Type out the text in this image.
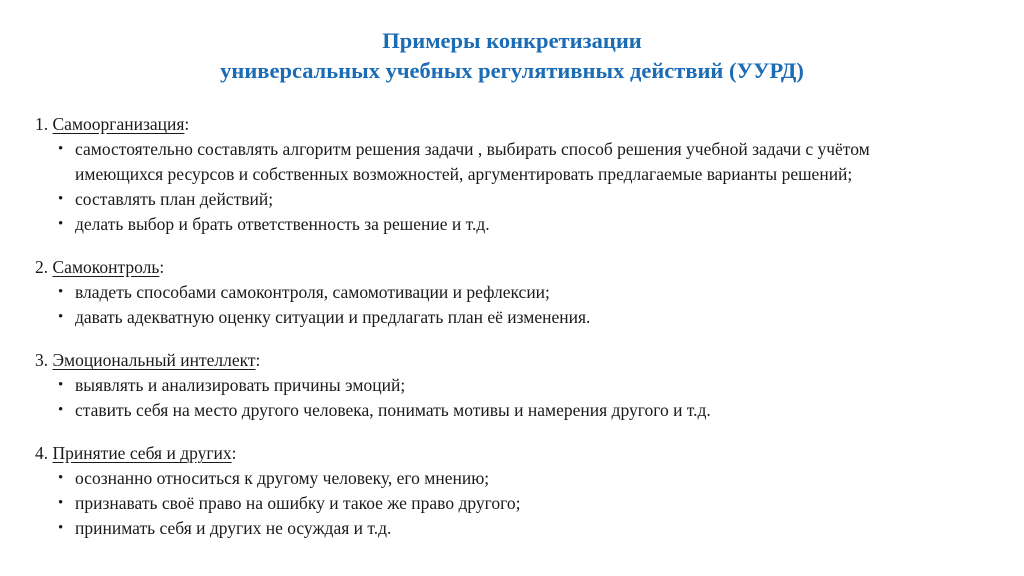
Примеры конкретизации
универсальных учебных регулятивных действий (УУРД)
1. Самоорганизация:
• самостоятельно составлять алгоритм решения задачи , выбирать способ решения учебной задачи с учётом имеющихся ресурсов и собственных возможностей, аргументировать предлагаемые варианты решений;
• составлять план действий;
• делать выбор и брать ответственность за решение и т.д.
2. Самоконтроль:
• владеть способами самоконтроля, самомотивации и рефлексии;
• давать адекватную оценку ситуации и предлагать план её изменения.
3. Эмоциональный интеллект:
• выявлять и анализировать причины эмоций;
• ставить себя на место другого человека, понимать мотивы и намерения другого и т.д.
4. Принятие себя и других:
• осознанно относиться к другому человеку, его мнению;
• признавать своё право на ошибку и такое же право другого;
• принимать себя и других не осуждая и т.д.
